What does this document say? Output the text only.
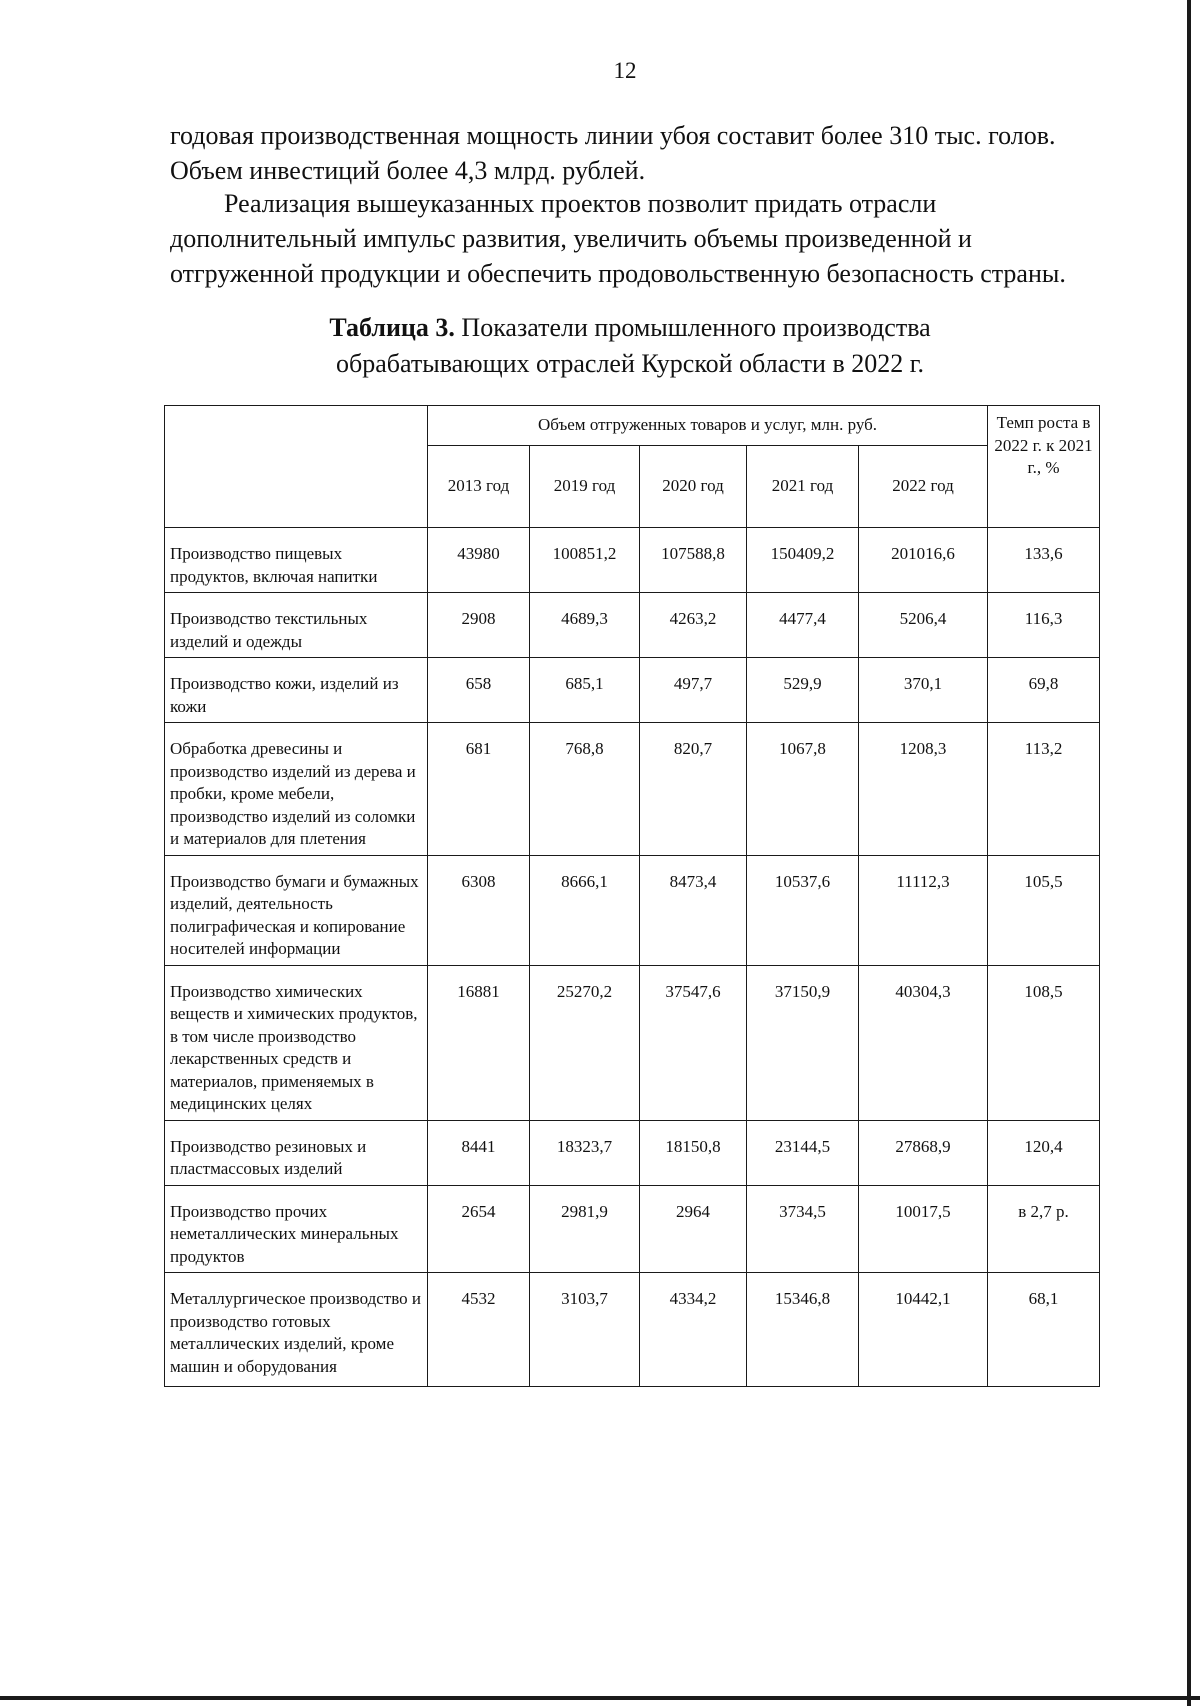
12

годовая производственная мощность линии убоя составит более 310 тыс. голов. Объем инвестиций более 4,3 млрд. рублей.

Реализация вышеуказанных проектов позволит придать отрасли дополнительный импульс развития, увеличить объемы произведенной и отгруженной продукции и обеспечить продовольственную безопасность страны.

Таблица 3. Показатели промышленного производства обрабатывающих отраслей Курской области в 2022 г.

	Объем отгруженных товаров и услуг, млн. руб.					Темп роста в 2022 г. к 2021 г., %
	2013 год	2019 год	2020 год	2021 год	2022 год	
Производство пищевых продуктов, включая напитки	43980	100851,2	107588,8	150409,2	201016,6	133,6
Производство текстильных изделий и одежды	2908	4689,3	4263,2	4477,4	5206,4	116,3
Производство кожи, изделий из кожи	658	685,1	497,7	529,9	370,1	69,8
Обработка древесины и производство изделий из дерева и пробки, кроме мебели, производство изделий из соломки и материалов для плетения	681	768,8	820,7	1067,8	1208,3	113,2
Производство бумаги и бумажных изделий, деятельность полиграфическая и копирование носителей информации	6308	8666,1	8473,4	10537,6	11112,3	105,5
Производство химических веществ и химических продуктов, в том числе производство лекарственных средств и материалов, применяемых в медицинских целях	16881	25270,2	37547,6	37150,9	40304,3	108,5
Производство резиновых и пластмассовых изделий	8441	18323,7	18150,8	23144,5	27868,9	120,4
Производство прочих неметаллических минеральных продуктов	2654	2981,9	2964	3734,5	10017,5	в 2,7 р.
Металлургическое производство и производство готовых металлических изделий, кроме машин и оборудования	4532	3103,7	4334,2	15346,8	10442,1	68,1
